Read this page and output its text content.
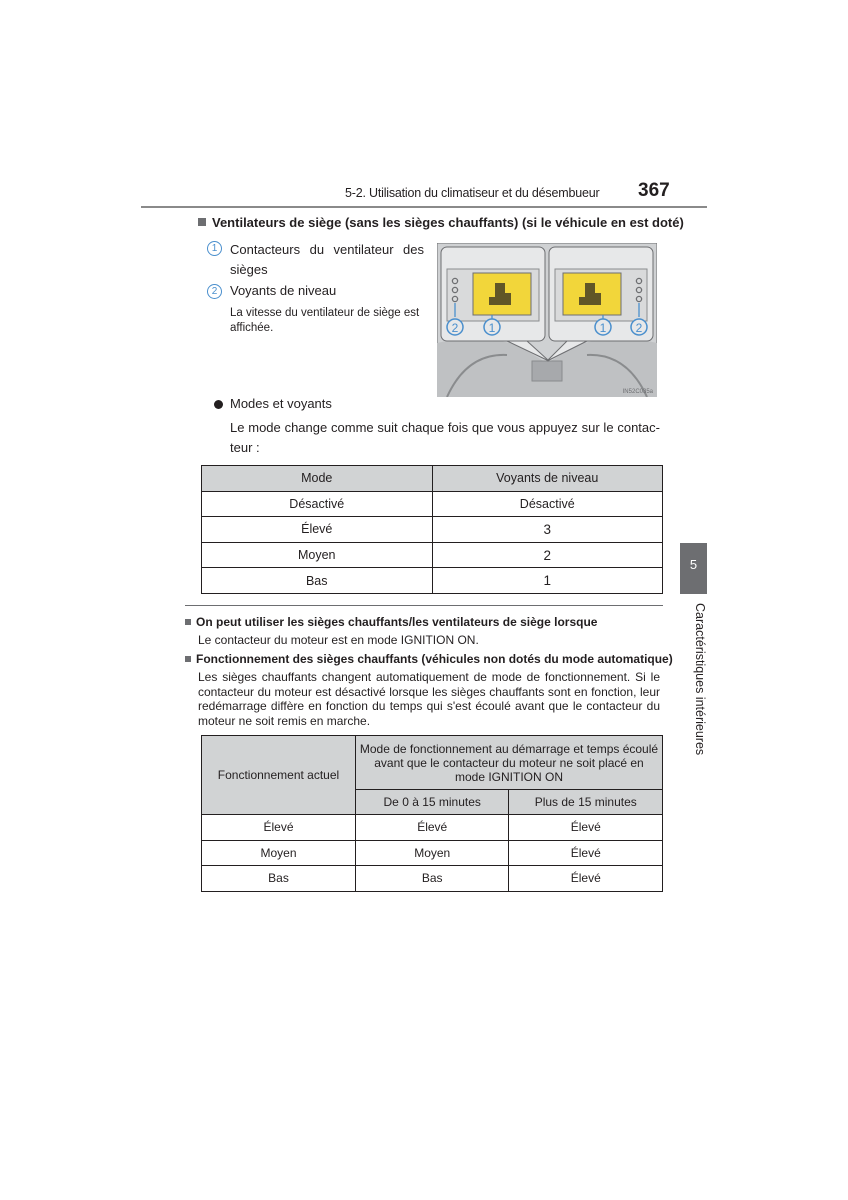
5-2. Utilisation du climatiseur et du désembueur 367
Ventilateurs de siège (sans les sièges chauffants) (si le véhicule en est doté)
1 Contacteurs du ventilateur des sièges
2 Voyants de niveau
La vitesse du ventilateur de siège est affichée.	2	1	1 2
IN52C035a
Modes et voyants
Le mode change comme suit chaque fois que vous appuyez sur le contacteur :
Mode	Voyants de niveau
Désactivé	Désactivé
Élevé	3
Moyen	2
Bas	1
On peut utiliser les sièges chauffants/les ventilateurs de siège lorsque
Le contacteur du moteur est en mode IGNITION ON.
Fonctionnement des sièges chauffants (véhicules non dotés du mode automatique)
Les sièges chauffants changent automatiquement de mode de fonctionnement. Si le contacteur du moteur est désactivé lorsque les sièges chauffants sont en fonction, leur redémarrage diffère en fonction du temps qui s'est écoulé avant que le contacteur du moteur ne soit remis en marche.
Fonctionnement actuel	Mode de fonctionnement au démarrage et temps écoulé avant que le contacteur du moteur ne soit placé en mode IGNITION ON	
	De 0 à 15 minutes	Plus de 15 minutes
Élevé	Élevé	Élevé
Moyen	Moyen	Élevé
Bas	Bas	Élevé
5
Caractéristiques intérieures
